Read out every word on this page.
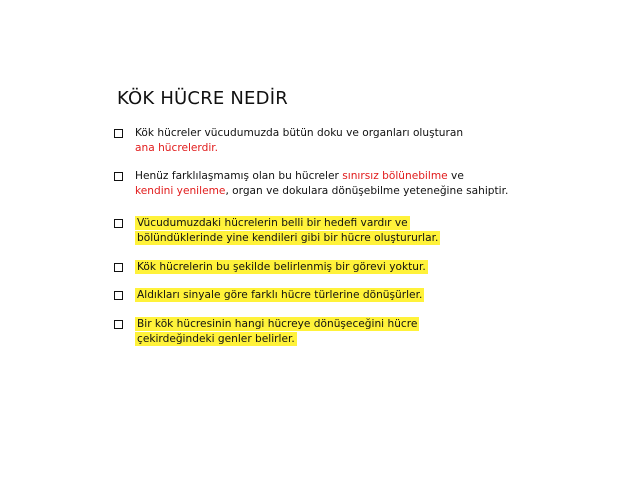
KÖK HÜCRE NEDİR
Kök hücreler vücudumuzda bütün doku ve organları oluşturan
ana hücrelerdir.
Henüz farklılaşmamış olan bu hücreler sınırsız bölünebilme ve
kendini yenileme, organ ve dokulara dönüşebilme yeteneğine sahiptir.
Vücudumuzdaki hücrelerin belli bir hedefi vardır ve
bölündüklerinde yine kendileri gibi bir hücre oluştururlar.
Kök hücrelerin bu şekilde belirlenmiş bir görevi yoktur.
Aldıkları sinyale göre farklı hücre türlerine dönüşürler.
Bir kök hücresinin hangi hücreye dönüşeceğini hücre
çekirdeğindeki genler belirler.
